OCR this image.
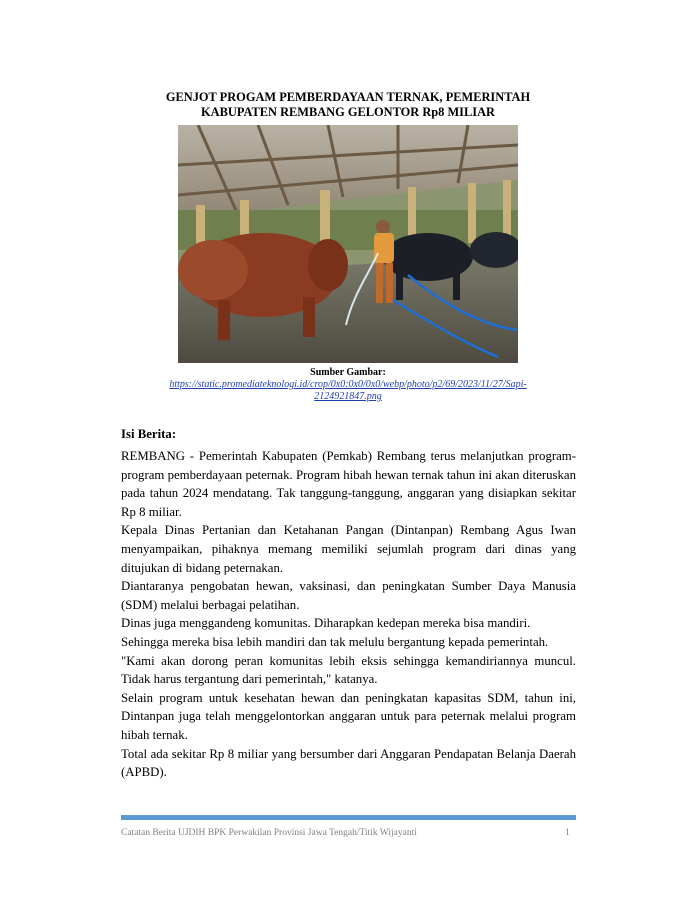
GENJOT PROGAM PEMBERDAYAAN TERNAK, PEMERINTAH
KABUPATEN REMBANG GELONTOR Rp8 MILIAR
Sumber Gambar:
https://static.promediateknologi.id/crop/0x0:0x0/0x0/webp/photo/p2/69/2023/11/27/Sapi-
2124921847.png
Isi Berita:

REMBANG - Pemerintah Kabupaten (Pemkab) Rembang terus melanjutkan program-program pemberdayaan peternak. Program hibah hewan ternak tahun ini akan diteruskan pada tahun 2024 mendatang. Tak tanggung-tanggung, anggaran yang disiapkan sekitar Rp 8 miliar.

Kepala Dinas Pertanian dan Ketahanan Pangan (Dintanpan) Rembang Agus Iwan menyampaikan, pihaknya memang memiliki sejumlah program dari dinas yang ditujukan di bidang peternakan.

Diantaranya pengobatan hewan, vaksinasi, dan peningkatan Sumber Daya Manusia (SDM) melalui berbagai pelatihan.

Dinas juga menggandeng komunitas. Diharapkan kedepan mereka bisa mandiri.

Sehingga mereka bisa lebih mandiri dan tak melulu bergantung kepada pemerintah.

"Kami akan dorong peran komunitas lebih eksis sehingga kemandiriannya muncul. Tidak harus tergantung dari pemerintah," katanya.

Selain program untuk kesehatan hewan dan peningkatan kapasitas SDM, tahun ini, Dintanpan juga telah menggelontorkan anggaran untuk para peternak melalui program hibah ternak.

Total ada sekitar Rp 8 miliar yang bersumber dari Anggaran Pendapatan Belanja Daerah (APBD).

Catatan Berita UJDIH BPK Perwakilan Provinsi Jawa Tengah/Titik Wijayanti	1
